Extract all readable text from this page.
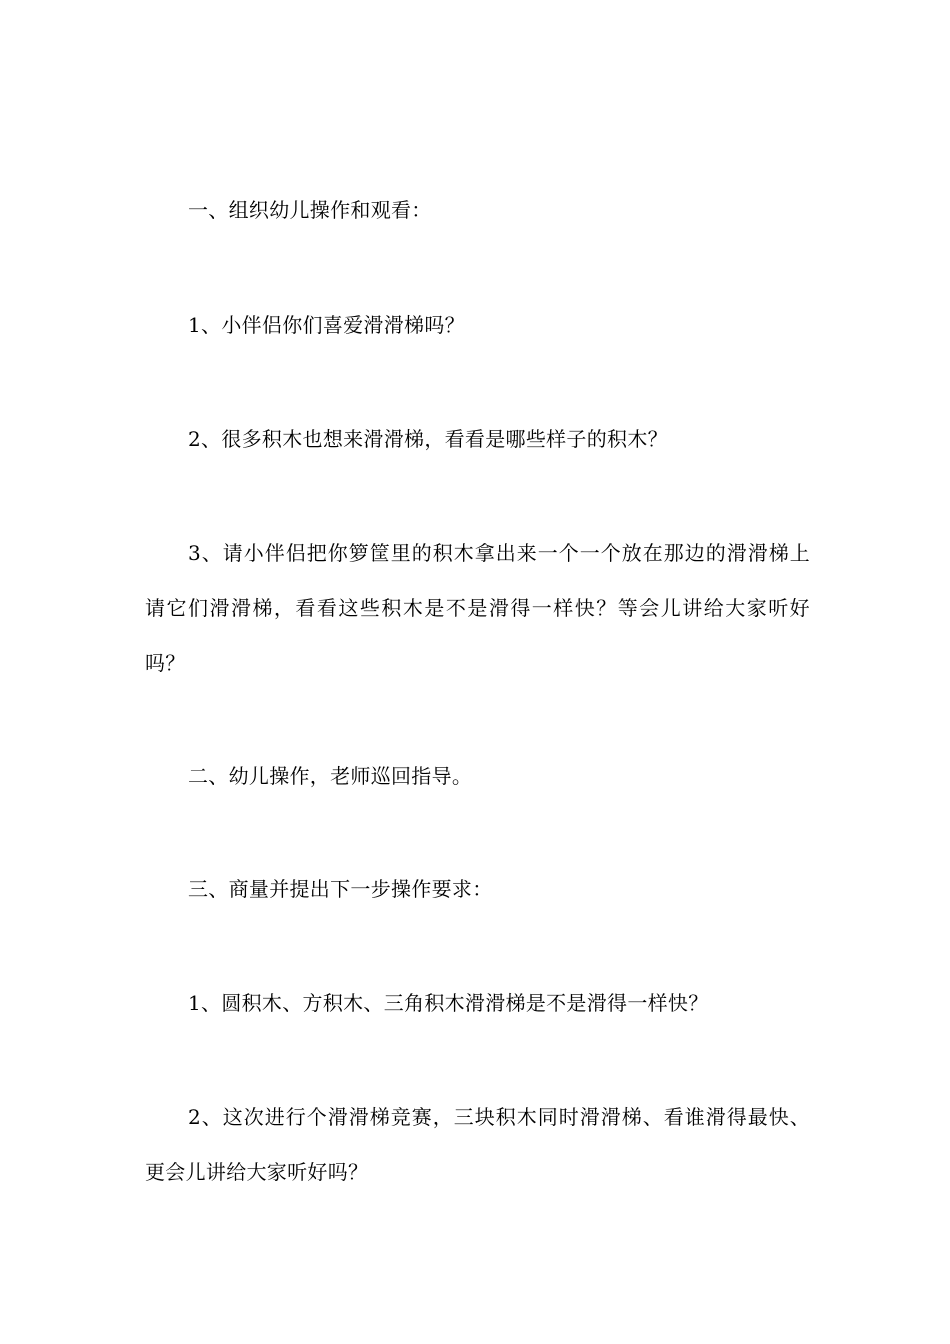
一、组织幼儿操作和观看：

1、小伴侣你们喜爱滑滑梯吗？

2、很多积木也想来滑滑梯，看看是哪些样子的积木？

3、请小伴侣把你箩筐里的积木拿出来一个一个放在那边的滑滑梯上请它们滑滑梯，看看这些积木是不是滑得一样快？等会儿讲给大家听好吗？

二、幼儿操作，老师巡回指导。

三、商量并提出下一步操作要求：

1、圆积木、方积木、三角积木滑滑梯是不是滑得一样快？

2、这次进行个滑滑梯竞赛，三块积木同时滑滑梯、看谁滑得最快、更会儿讲给大家听好吗？
